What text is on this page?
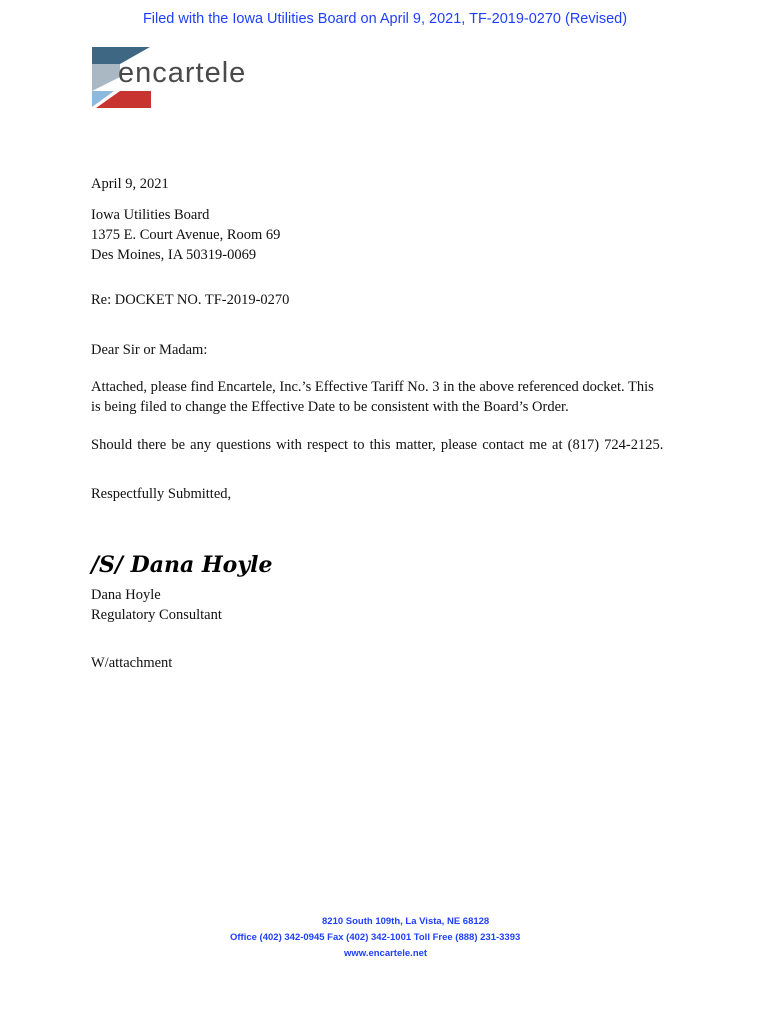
Filed with the Iowa Utilities Board on April 9, 2021, TF-2019-0270 (Revised)
encartele
April 9, 2021
Iowa Utilities Board
1375 E. Court Avenue, Room 69
Des Moines, IA 50319-0069
Re: DOCKET NO. TF-2019-0270
Dear Sir or Madam:
Attached, please find Encartele, Inc.’s Effective Tariff No. 3 in the above referenced docket. This
is being filed to change the Effective Date to be consistent with the Board’s Order.
Should there be any questions with respect to this matter, please contact me at (817) 724-2125.
Respectfully Submitted,
/S/ Dana Hoyle
Dana Hoyle
Regulatory Consultant
W/attachment
8210 South 109th, La Vista, NE 68128
Office (402) 342-0945 Fax (402) 342-1001 Toll Free (888) 231-3393
www.encartele.net
